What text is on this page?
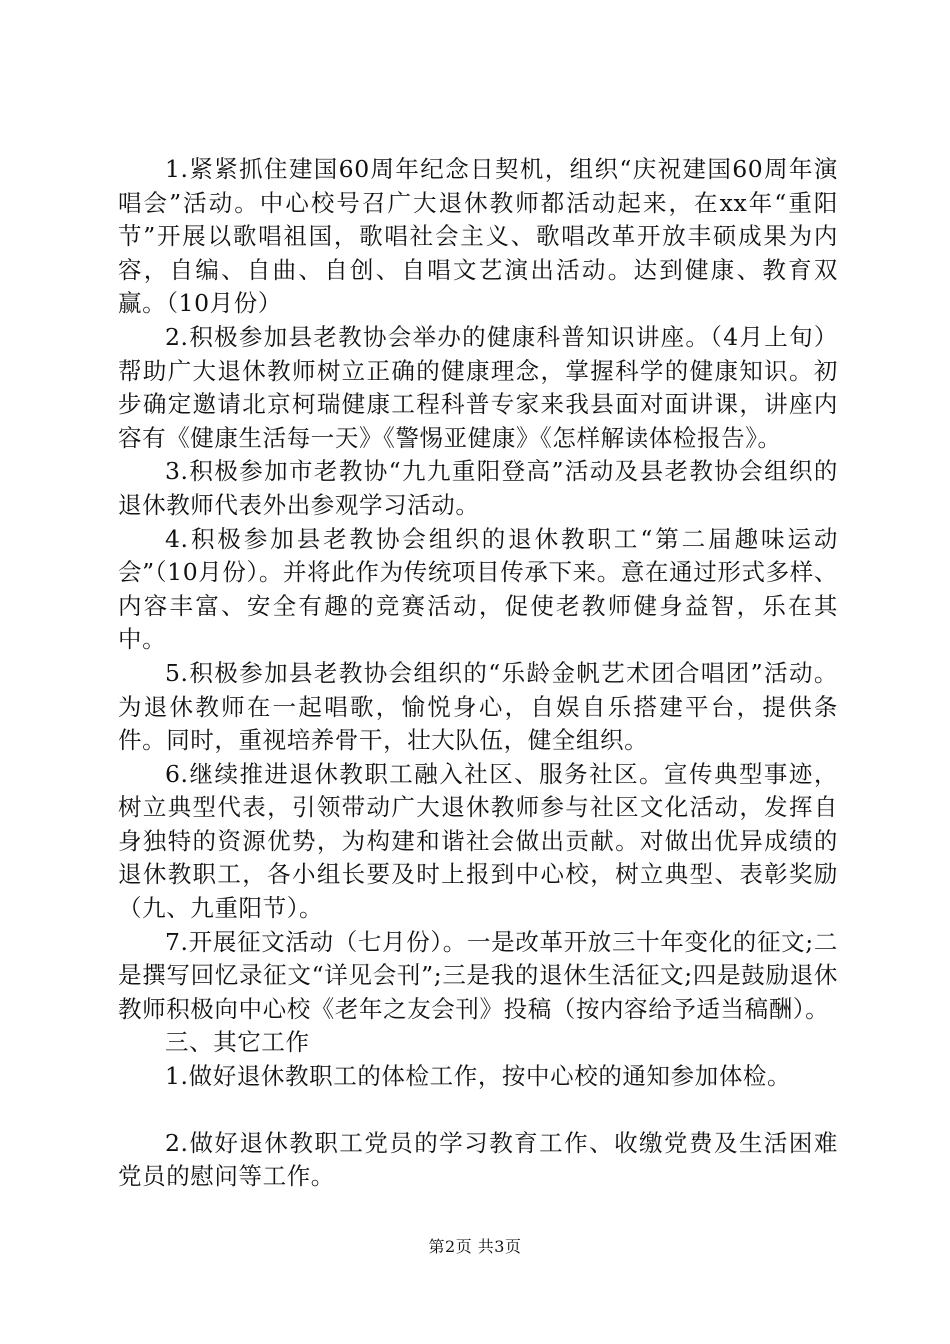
1.紧紧抓住建国60周年纪念日契机，组织“庆祝建国60周年演唱会”活动。中心校号召广大退休教师都活动起来，在xx年“重阳节”开展以歌唱祖国，歌唱社会主义、歌唱改革开放丰硕成果为内容，自编、自曲、自创、自唱文艺演出活动。达到健康、教育双赢。（10月份）

2.积极参加县老教协会举办的健康科普知识讲座。（4月上旬）帮助广大退休教师树立正确的健康理念，掌握科学的健康知识。初步确定邀请北京柯瑞健康工程科普专家来我县面对面讲课，讲座内容有《健康生活每一天》《警惕亚健康》《怎样解读体检报告》。

3.积极参加市老教协“九九重阳登高”活动及县老教协会组织的退休教师代表外出参观学习活动。

4.积极参加县老教协会组织的退休教职工“第二届趣味运动会”（10月份）。并将此作为传统项目传承下来。意在通过形式多样、内容丰富、安全有趣的竞赛活动，促使老教师健身益智，乐在其中。

5.积极参加县老教协会组织的“乐龄金帆艺术团合唱团”活动。为退休教师在一起唱歌，愉悦身心，自娱自乐搭建平台，提供条件。同时，重视培养骨干，壮大队伍，健全组织。

6.继续推进退休教职工融入社区、服务社区。宣传典型事迹，树立典型代表，引领带动广大退休教师参与社区文化活动，发挥自身独特的资源优势，为构建和谐社会做出贡献。对做出优异成绩的退休教职工，各小组长要及时上报到中心校，树立典型、表彰奖励（九、九重阳节）。

7.开展征文活动（七月份）。一是改革开放三十年变化的征文;二是撰写回忆录征文“详见会刊”;三是我的退休生活征文;四是鼓励退休教师积极向中心校《老年之友会刊》投稿（按内容给予适当稿酬）。

三、其它工作

1.做好退休教职工的体检工作，按中心校的通知参加体检。

2.做好退休教职工党员的学习教育工作、收缴党费及生活困难党员的慰问等工作。

第2页 共3页
